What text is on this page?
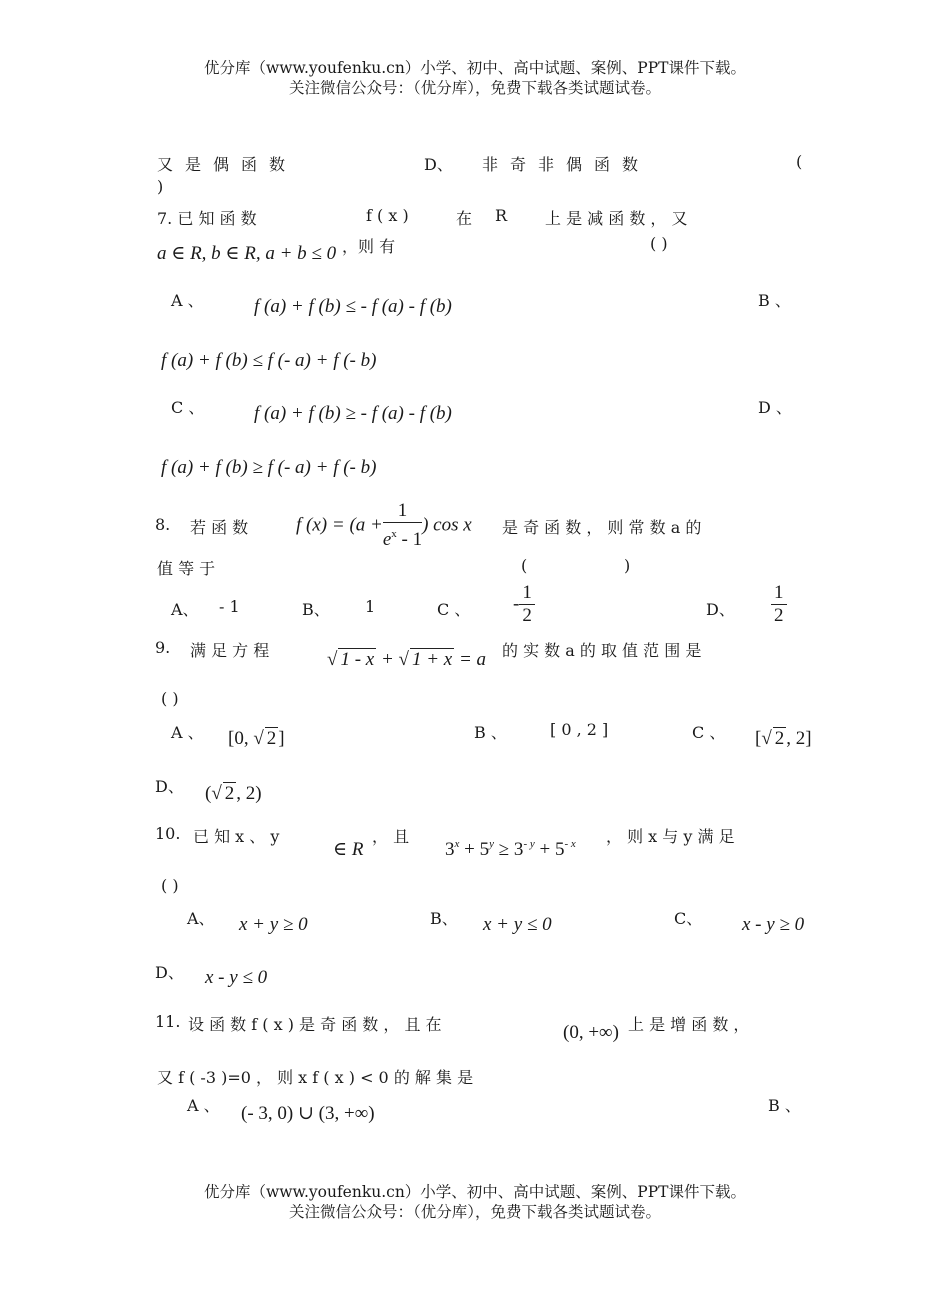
优分库（www.youfenku.cn）小学、初中、高中试题、案例、PPT课件下载。
关注微信公众号：（优分库），免费下载各类试题试卷。
又是偶函数	D、 非奇非偶函数	(
)
7. 已 知 函 数	f ( x )	在 R 上 是 减 函 数 ， 又
a ∈ R, b ∈ R, a + b ≤ 0 ，则 有	( )
A 、	f (a) + f (b) ≤ - f (a) - f (b)	B 、
f (a) + f (b) ≤ f (- a) + f (- b)
C 、	f (a) + f (b) ≥ - f (a) - f (b)	D 、
f (a) + f (b) ≥ f (- a) + f (- b)
8. 若 函 数	f $(x) = (a + \frac{1}{e^x - 1}$ ) cos x 是 奇 函 数 ， 则 常 数 a 的
值 等 于	(	)
A、 - 1	B、 1	C 、 - $\frac{1}{2}$	D、 $\frac{1}{2}$
9. 满 足 方 程	√ 1 - x + √ 1 + x = a 的 实 数 a 的 取 值 范 围 是
( )
A 、 [0, √ 2 ]	B 、	[ 0 , 2 ]	C 、 [√ 2 , 2]
D、 (√ 2 , 2)
10. 已 知 x 、 y
∈ R
， 且
$3^x + 5^y \ge 3^{- y} + 5^{- x}$ ， 则 x 与 y 满 足
( )
A、 x + y ≥ 0	B、 x + y ≤ 0	C、 x - y ≥ 0
D、 x - y ≤ 0
11. 设 函 数 f ( x ) 是 奇 函 数 ， 且 在	(0, +∞) 上 是 增 函 数 ，
又 f ( -3 )=0 ， 则 x f ( x ) < 0 的 解 集 是
A 、 (- 3, 0) ∪ (3, +∞)	B 、
优分库（www.youfenku.cn）小学、初中、高中试题、案例、PPT课件下载。
关注微信公众号：（优分库），免费下载各类试题试卷。
